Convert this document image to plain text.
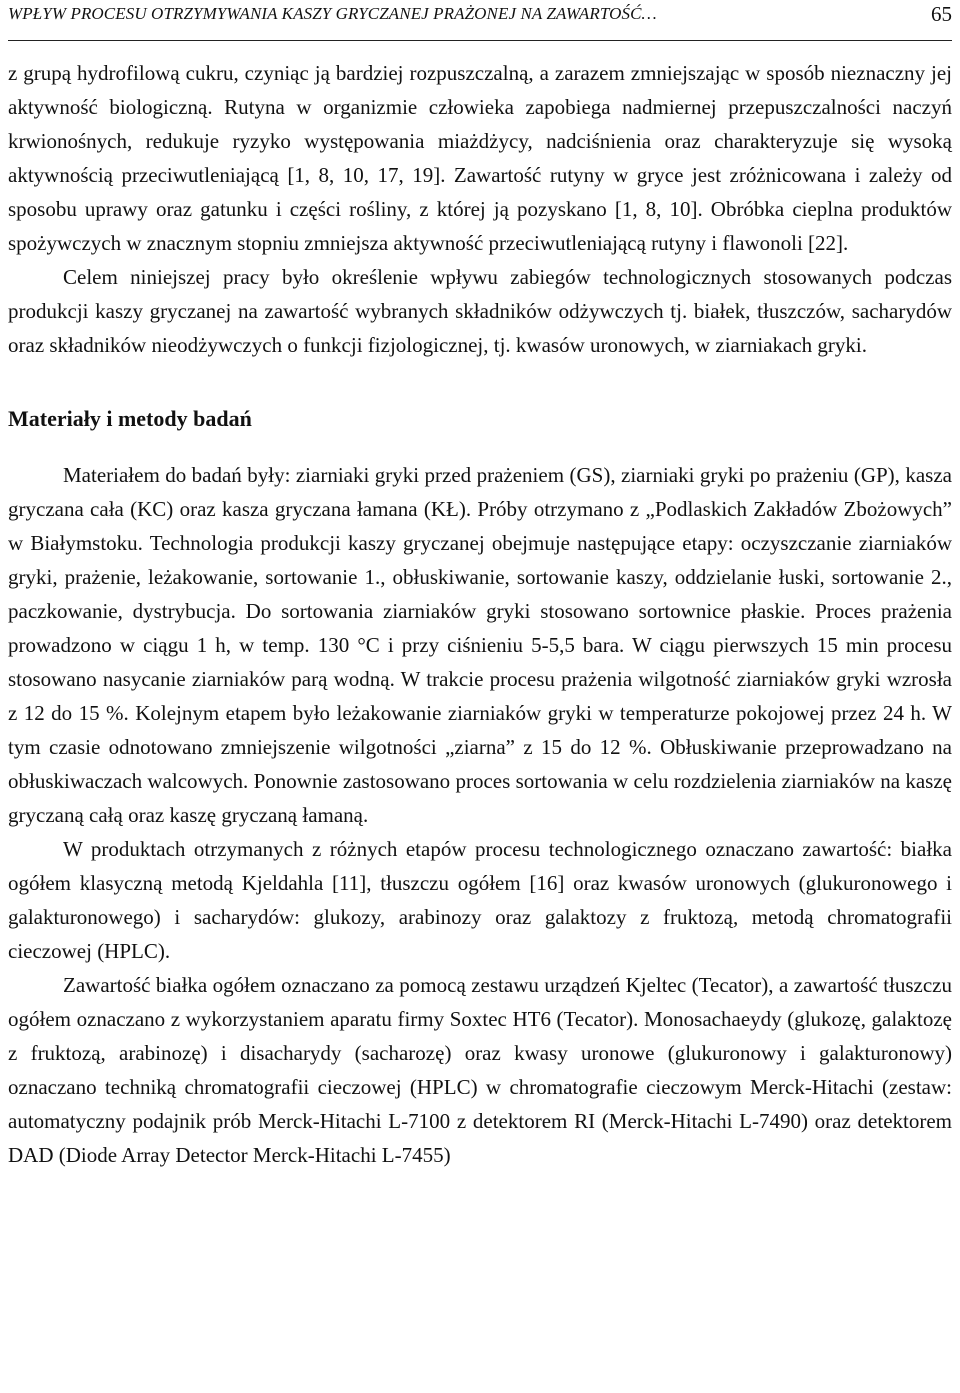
WPŁYW PROCESU OTRZYMYWANIA KASZY GRYCZANEJ PRAŻONEJ NA ZAWARTOŚĆ…	65

z grupą hydrofilową cukru, czyniąc ją bardziej rozpuszczalną, a zarazem zmniejszając w sposób nieznaczny jej aktywność biologiczną. Rutyna w organizmie człowieka zapobiega nadmiernej przepuszczalności naczyń krwionośnych, redukuje ryzyko występowania miażdżycy, nadciśnienia oraz charakteryzuje się wysoką aktywnością przeciwutleniającą [1, 8, 10, 17, 19]. Zawartość rutyny w gryce jest zróżnicowana i zależy od sposobu uprawy oraz gatunku i części rośliny, z której ją pozyskano [1, 8, 10]. Obróbka cieplna produktów spożywczych w znacznym stopniu zmniejsza aktywność przeciwutleniającą rutyny i flawonoli [22].

Celem niniejszej pracy było określenie wpływu zabiegów technologicznych stosowanych podczas produkcji kaszy gryczanej na zawartość wybranych składników odżywczych tj. białek, tłuszczów, sacharydów oraz składników nieodżywczych o funkcji fizjologicznej, tj. kwasów uronowych, w ziarniakach gryki.

Materiały i metody badań

Materiałem do badań były: ziarniaki gryki przed prażeniem (GS), ziarniaki gryki po prażeniu (GP), kasza gryczana cała (KC) oraz kasza gryczana łamana (KŁ). Próby otrzymano z „Podlaskich Zakładów Zbożowych” w Białymstoku. Technologia produkcji kaszy gryczanej obejmuje następujące etapy: oczyszczanie ziarniaków gryki, prażenie, leżakowanie, sortowanie 1., obłuskiwanie, sortowanie kaszy, oddzielanie łuski, sortowanie 2., paczkowanie, dystrybucja. Do sortowania ziarniaków gryki stosowano sortownice płaskie. Proces prażenia prowadzono w ciągu 1 h, w temp. 130 °C i przy ciśnieniu 5-5,5 bara. W ciągu pierwszych 15 min procesu stosowano nasycanie ziarniaków parą wodną. W trakcie procesu prażenia wilgotność ziarniaków gryki wzrosła z 12 do 15 %. Kolejnym etapem było leżakowanie ziarniaków gryki w temperaturze pokojowej przez 24 h. W tym czasie odnotowano zmniejszenie wilgotności „ziarna” z 15 do 12 %. Obłuskiwanie przeprowadzano na obłuskiwaczach walcowych. Ponownie zastosowano proces sortowania w celu rozdzielenia ziarniaków na kaszę gryczaną całą oraz kaszę gryczaną łamaną.

W produktach otrzymanych z różnych etapów procesu technologicznego oznaczano zawartość: białka ogółem klasyczną metodą Kjeldahla [11], tłuszczu ogółem [16] oraz kwasów uronowych (glukuronowego i galakturonowego) i sacharydów: glukozy, arabinozy oraz galaktozy z fruktozą, metodą chromatografii cieczowej (HPLC).

Zawartość białka ogółem oznaczano za pomocą zestawu urządzeń Kjeltec (Tecator), a zawartość tłuszczu ogółem oznaczano z wykorzystaniem aparatu firmy Soxtec HT6 (Tecator). Monosachaeydy (glukozę, galaktozę z fruktozą, arabinozę) i disacharydy (sacharozę) oraz kwasy uronowe (glukuronowy i galakturonowy) oznaczano techniką chromatografii cieczowej (HPLC) w chromatografie cieczowym Merck-Hitachi (zestaw: automatyczny podajnik prób Merck-Hitachi L-7100 z detektorem RI (Merck-Hitachi L-7490) oraz detektorem DAD (Diode Array Detector Merck-Hitachi L-7455)
